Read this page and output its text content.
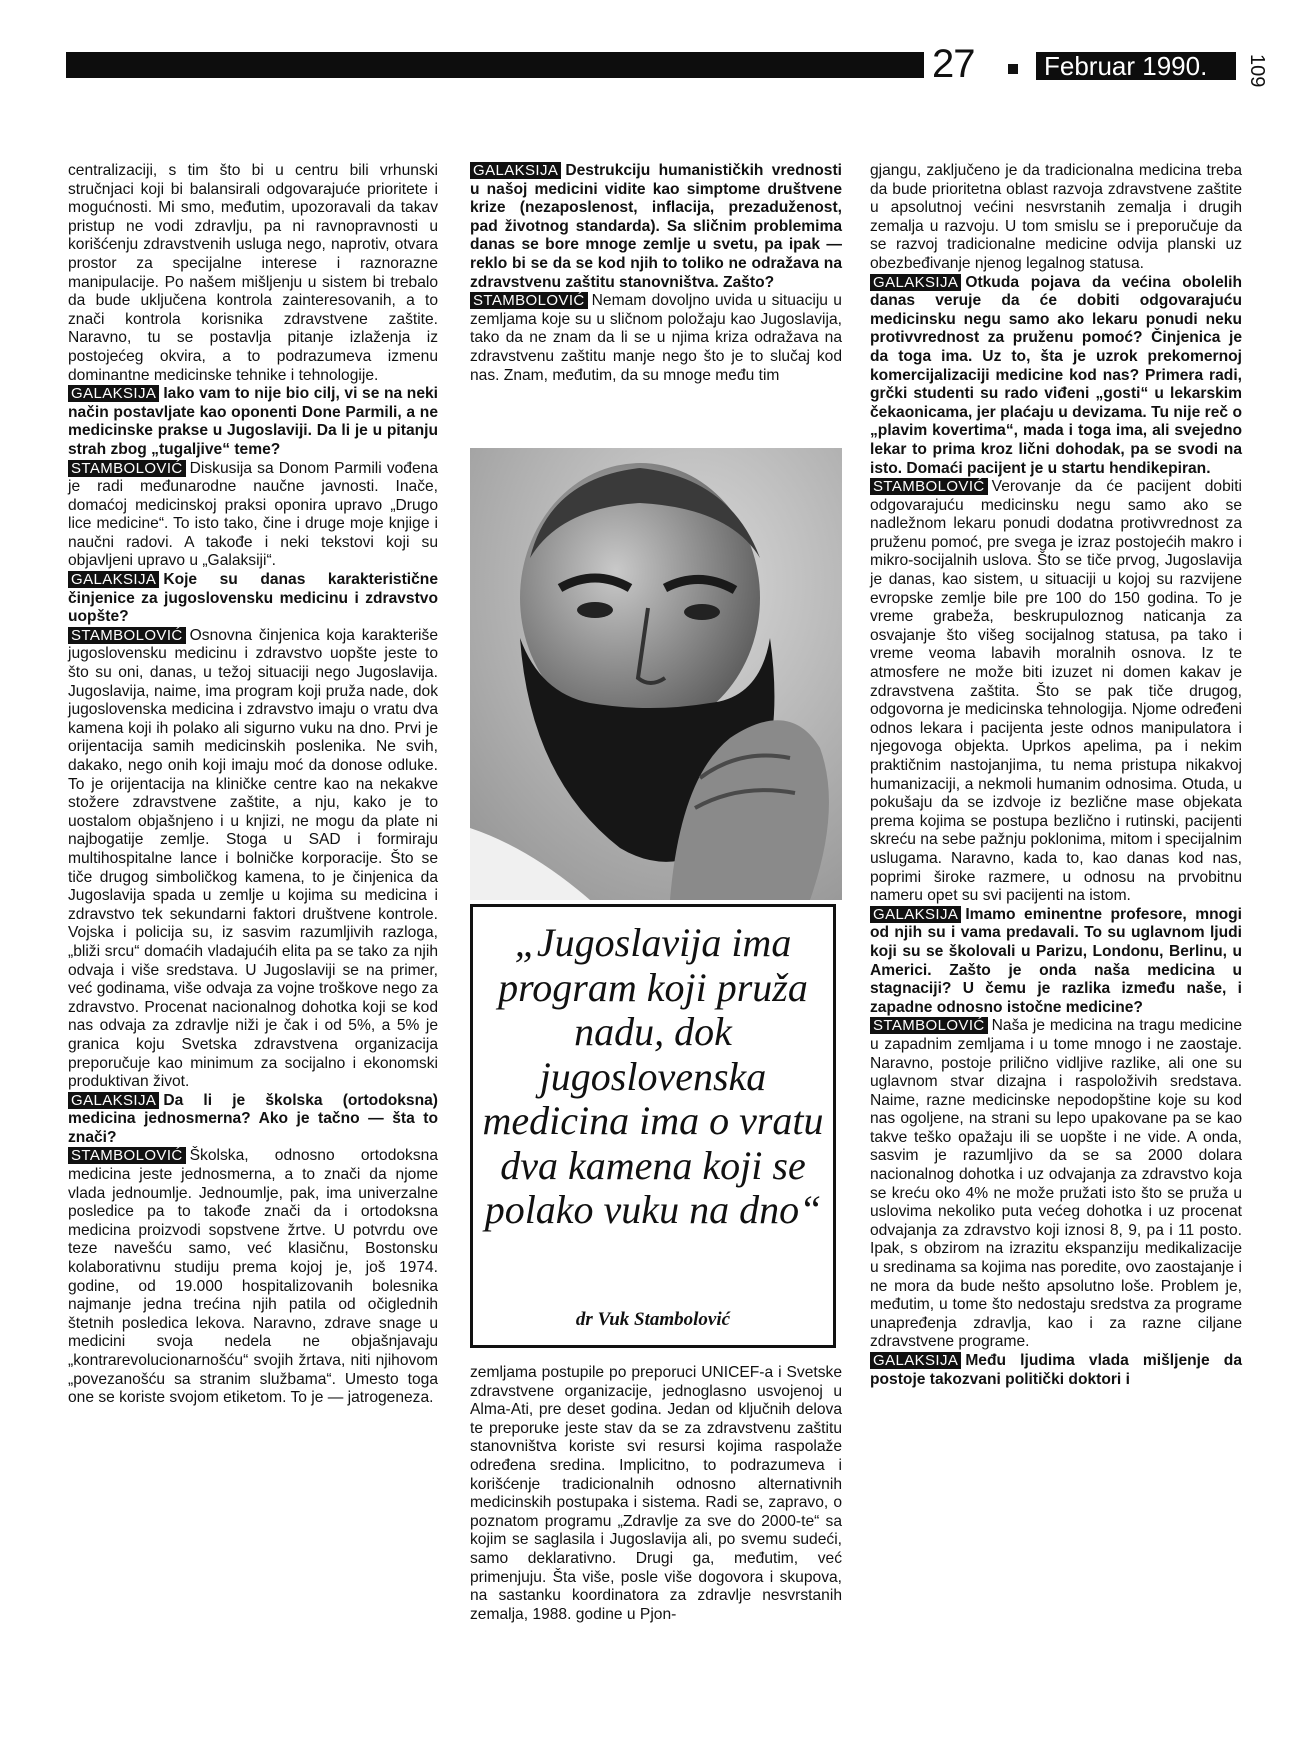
27	Februar 1990.	109

centralizaciji, s tim što bi u centru bili vrhunski stručnjaci koji bi balansirali odgovarajuće prioritete i mogućnosti. Mi smo, međutim, upozoravali da takav pristup ne vodi zdravlju, pa ni ravnopravnosti u korišćenju zdravstvenih usluga nego, naprotiv, otvara prostor za specijalne interese i raznorazne manipulacije. Po našem mišljenju u sistem bi trebalo da bude uključena kontrola zainteresovanih, a to znači kontrola korisnika zdravstvene zaštite. Naravno, tu se postavlja pitanje izlaženja iz postojećeg okvira, a to podrazumeva izmenu dominantne medicinske tehnike i tehnologije.

GALAKSIJA Iako vam to nije bio cilj, vi se na neki način postavljate kao oponenti Done Parmili, a ne medicinske prakse u Jugoslaviji. Da li je u pitanju strah zbog „tugaljive“ teme?

STAMBOLOVIĆ Diskusija sa Donom Parmili vođena je radi međunarodne naučne javnosti. Inače, domaćoj medicinskoj praksi oponira upravo „Drugo lice medicine“. To isto tako, čine i druge moje knjige i naučni radovi. A takođe i neki tekstovi koji su objavljeni upravo u „Galaksiji“.

GALAKSIJA Koje su danas karakteristične činjenice za jugoslovensku medicinu i zdravstvo uopšte?

STAMBOLOVIĆ Osnovna činjenica koja karakteriše jugoslovensku medicinu i zdravstvo uopšte jeste to što su oni, danas, u težoj situaciji nego Jugoslavija. Jugoslavija, naime, ima program koji pruža nade, dok jugoslovenska medicina i zdravstvo imaju o vratu dva kamena koji ih polako ali sigurno vuku na dno. Prvi je orijentacija samih medicinskih poslenika. Ne svih, dakako, nego onih koji imaju moć da donose odluke. To je orijentacija na kliničke centre kao na nekakve stožere zdravstvene zaštite, a nju, kako je to uostalom objašnjeno i u knjizi, ne mogu da plate ni najbogatije zemlje. Stoga u SAD i formiraju multihospitalne lance i bolničke korporacije. Što se tiče drugog simboličkog kamena, to je činjenica da Jugoslavija spada u zemlje u kojima su medicina i zdravstvo tek sekundarni faktori društvene kontrole. Vojska i policija su, iz sasvim razumljivih razloga, „bliži srcu“ domaćih vladajućih elita pa se tako za njih odvaja i više sredstava. U Jugoslaviji se na primer, već godinama, više odvaja za vojne troškove nego za zdravstvo. Procenat nacionalnog dohotka koji se kod nas odvaja za zdravlje niži je čak i od 5%, a 5% je granica koju Svetska zdravstvena organizacija preporučuje kao minimum za socijalno i ekonomski produktivan život.

GALAKSIJA Da li je školska (ortodoksna) medicina jednosmerna? Ako je tačno — šta to znači?

STAMBOLOVIĆ Školska, odnosno ortodoksna medicina jeste jednosmerna, a to znači da njome vlada jednoumlje. Jednoumlje, pak, ima univerzalne posledice pa to takođe znači da i ortodoksna medicina proizvodi sopstvene žrtve. U potvrdu ove teze navešću samo, već klasičnu, Bostonsku kolaborativnu studiju prema kojoj je, još 1974. godine, od 19.000 hospitalizovanih bolesnika najmanje jedna trećina njih patila od očiglednih štetnih posledica lekova. Naravno, zdrave snage u medicini svoja nedela ne objašnjavaju „kontrarevolucionarnošću“ svojih žrtava, niti njihovom „povezanošću sa stranim službama“. Umesto toga one se koriste svojom etiketom. To je — jatrogeneza.

GALAKSIJA Destrukciju humanističkih vrednosti u našoj medicini vidite kao simptome društvene krize (nezaposlenost, inflacija, prezaduženost, pad životnog standarda). Sa sličnim problemima danas se bore mnoge zemlje u svetu, pa ipak — reklo bi se da se kod njih to toliko ne odražava na zdravstvenu zaštitu stanovništva. Zašto?

STAMBOLOVIĆ Nemam dovoljno uvida u situaciju u zemljama koje su u sličnom položaju kao Jugoslavija, tako da ne znam da li se u njima kriza odražava na zdravstvenu zaštitu manje nego što je to slučaj kod nas. Znam, međutim, da su mnoge među tim

„Jugoslavija ima program koji pruža nadu, dok jugoslovenska medicina ima o vratu dva kamena koji se polako vuku na dno“
dr Vuk Stambolović

zemljama postupile po preporuci UNICEF-a i Svetske zdravstvene organizacije, jednoglasno usvojenoj u Alma-Ati, pre deset godina. Jedan od ključnih delova te preporuke jeste stav da se za zdravstvenu zaštitu stanovništva koriste svi resursi kojima raspolaže određena sredina. Implicitno, to podrazumeva i korišćenje tradicionalnih odnosno alternativnih medicinskih postupaka i sistema. Radi se, zapravo, o poznatom programu „Zdravlje za sve do 2000-te“ sa kojim se saglasila i Jugoslavija ali, po svemu sudeći, samo deklarativno. Drugi ga, međutim, već primenjuju. Šta više, posle više dogovora i skupova, na sastanku koordinatora za zdravlje nesvrstanih zemalja, 1988. godine u Pjon-

gjangu, zaključeno je da tradicionalna medicina treba da bude prioritetna oblast razvoja zdravstvene zaštite u apsolutnoj većini nesvrstanih zemalja i drugih zemalja u razvoju. U tom smislu se i preporučuje da se razvoj tradicionalne medicine odvija planski uz obezbeđivanje njenog legalnog statusa.

GALAKSIJA Otkuda pojava da većina obolelih danas veruje da će dobiti odgovarajuću medicinsku negu samo ako lekaru ponudi neku protivvrednost za pruženu pomoć? Činjenica je da toga ima. Uz to, šta je uzrok prekomernoj komercijalizaciji medicine kod nas? Primera radi, grčki studenti su rado viđeni „gosti“ u lekarskim čekaonicama, jer plaćaju u devizama. Tu nije reč o „plavim kovertima“, mada i toga ima, ali svejedno lekar to prima kroz lični dohodak, pa se svodi na isto. Domaći pacijent je u startu hendikepiran.

STAMBOLOVIĆ Verovanje da će pacijent dobiti odgovarajuću medicinsku negu samo ako se nadležnom lekaru ponudi dodatna protivvrednost za pruženu pomoć, pre svega je izraz postojećih makro i mikro-socijalnih uslova. Što se tiče prvog, Jugoslavija je danas, kao sistem, u situaciji u kojoj su razvijene evropske zemlje bile pre 100 do 150 godina. To je vreme grabeža, beskrupuloznog naticanja za osvajanje što višeg socijalnog statusa, pa tako i vreme veoma labavih moralnih osnova. Iz te atmosfere ne može biti izuzet ni domen kakav je zdravstvena zaštita. Što se pak tiče drugog, odgovorna je medicinska tehnologija. Njome određeni odnos lekara i pacijenta jeste odnos manipulatora i njegovoga objekta. Uprkos apelima, pa i nekim praktičnim nastojanjima, tu nema pristupa nikakvoj humanizaciji, a nekmoli humanim odnosima. Otuda, u pokušaju da se izdvoje iz bezlične mase objekata prema kojima se postupa bezlično i rutinski, pacijenti skreću na sebe pažnju poklonima, mitom i specijalnim uslugama. Naravno, kada to, kao danas kod nas, poprimi široke razmere, u odnosu na prvobitnu nameru opet su svi pacijenti na istom.

GALAKSIJA Imamo eminentne profesore, mnogi od njih su i vama predavali. To su uglavnom ljudi koji su se školovali u Parizu, Londonu, Berlinu, u Americi. Zašto je onda naša medicina u stagnaciji? U čemu je razlika između naše, i zapadne odnosno istočne medicine?

STAMBOLOVIĆ Naša je medicina na tragu medicine u zapadnim zemljama i u tome mnogo i ne zaostaje. Naravno, postoje prilično vidljive razlike, ali one su uglavnom stvar dizajna i raspoloživih sredstava. Naime, razne medicinske nepodopštine koje su kod nas ogoljene, na strani su lepo upakovane pa se kao takve teško opažaju ili se uopšte i ne vide. A onda, sasvim je razumljivo da se sa 2000 dolara nacionalnog dohotka i uz odvajanja za zdravstvo koja se kreću oko 4% ne može pružati isto što se pruža u uslovima nekoliko puta većeg dohotka i uz procenat odvajanja za zdravstvo koji iznosi 8, 9, pa i 11 posto. Ipak, s obzirom na izrazitu ekspanziju medikalizacije u sredinama sa kojima nas poredite, ovo zaostajanje i ne mora da bude nešto apsolutno loše. Problem je, međutim, u tome što nedostaju sredstva za programe unapređenja zdravlja, kao i za razne ciljane zdravstvene programe.

GALAKSIJA Među ljudima vlada mišljenje da postoje takozvani politički doktori i
